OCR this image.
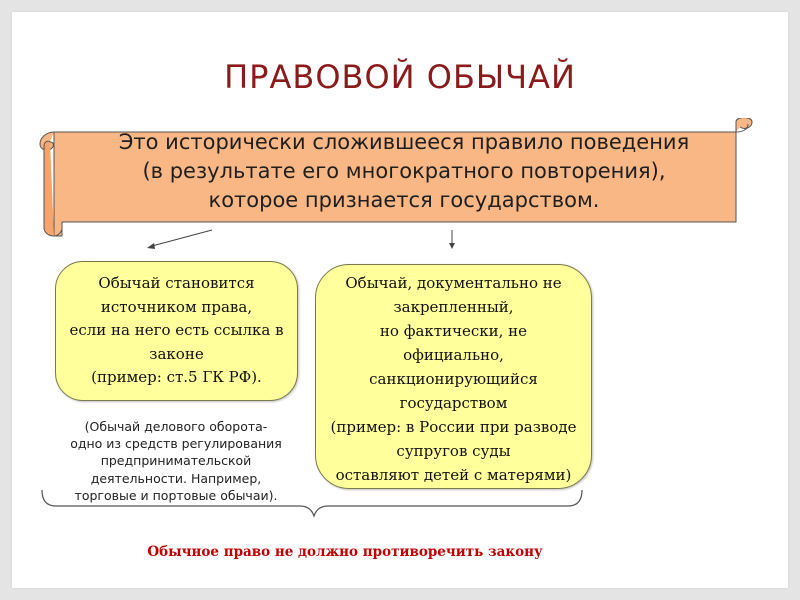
ПРАВОВОЙ ОБЫЧАЙ
Это исторически сложившееся правило поведения
(в результате его многократного повторения),
которое признается государством.
Обычай становится
источником права,
если на него есть ссылка в
законе
(пример: ст.5 ГК РФ).
Обычай, документально не
закрепленный,
но фактически, не
официально,
санкционирующийся
государством
(пример: в России при разводе
супругов суды
оставляют детей с матерями)
(Обычай делового оборота-
одно из средств регулирования
предпринимательской
деятельности. Например,
торговые и портовые обычаи).
Обычное право не должно противоречить закону
